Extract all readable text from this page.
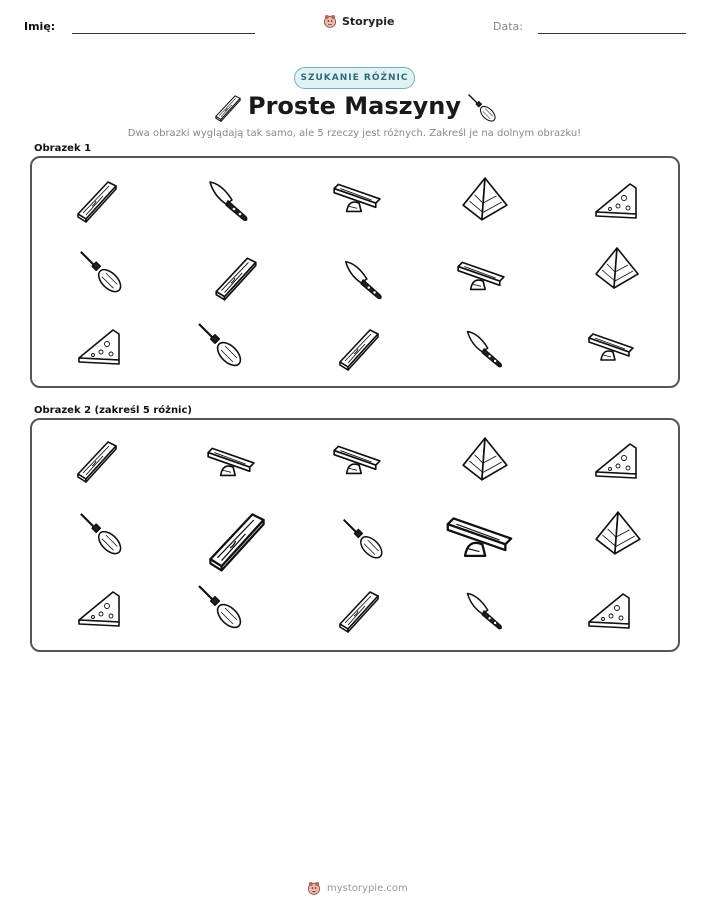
Imię:	Storypie	Data:
SZUKANIE RÓŻNIC
Proste Maszyny
Dwa obrazki wyglądają tak samo, ale 5 rzeczy jest różnych. Zakreśl je na dolnym obrazku!
Obrazek 1
Obrazek 2 (zakreśl 5 różnic)
mystorypie.com
